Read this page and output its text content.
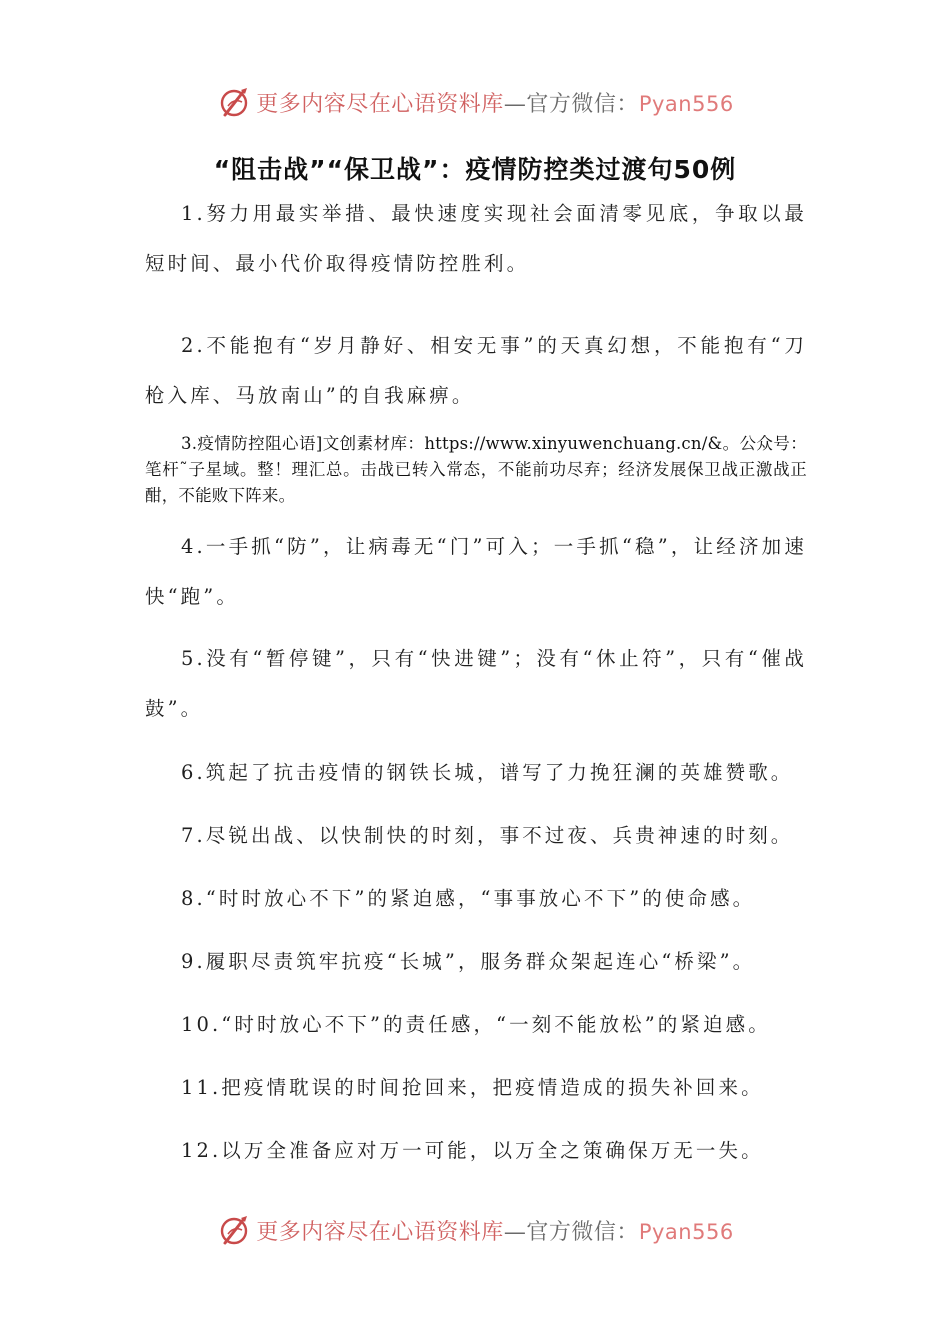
更多内容尽在心语资料库—官方微信：Pyan556
“阻击战”“保卫战”：疫情防控类过渡句50例

1.努力用最实举措、最快速度实现社会面清零见底，争取以最短时间、最小代价取得疫情防控胜利。

2.不能抱有“岁月静好、相安无事”的天真幻想，不能抱有“刀枪入库、马放南山”的自我麻痹。

3.疫情防控阻心语]文创素材库：https://www.xinyuwenchuang.cn/&。公众号：笔杆˜子星域。整！理汇总。击战已转入常态，不能前功尽弃；经济发展保卫战正激战正酣，不能败下阵来。

4.一手抓“防”，让病毒无“门”可入；一手抓“稳”，让经济加速快“跑”。

5.没有“暂停键”，只有“快进键”；没有“休止符”，只有“催战鼓”。

6.筑起了抗击疫情的钢铁长城，谱写了力挽狂澜的英雄赞歌。

7.尽锐出战、以快制快的时刻，事不过夜、兵贵神速的时刻。

8.“时时放心不下”的紧迫感，“事事放心不下”的使命感。

9.履职尽责筑牢抗疫“长城”，服务群众架起连心“桥梁”。

10.“时时放心不下”的责任感，“一刻不能放松”的紧迫感。

11.把疫情耽误的时间抢回来，把疫情造成的损失补回来。

12.以万全准备应对万一可能，以万全之策确保万无一失。

更多内容尽在心语资料库—官方微信：Pyan556
